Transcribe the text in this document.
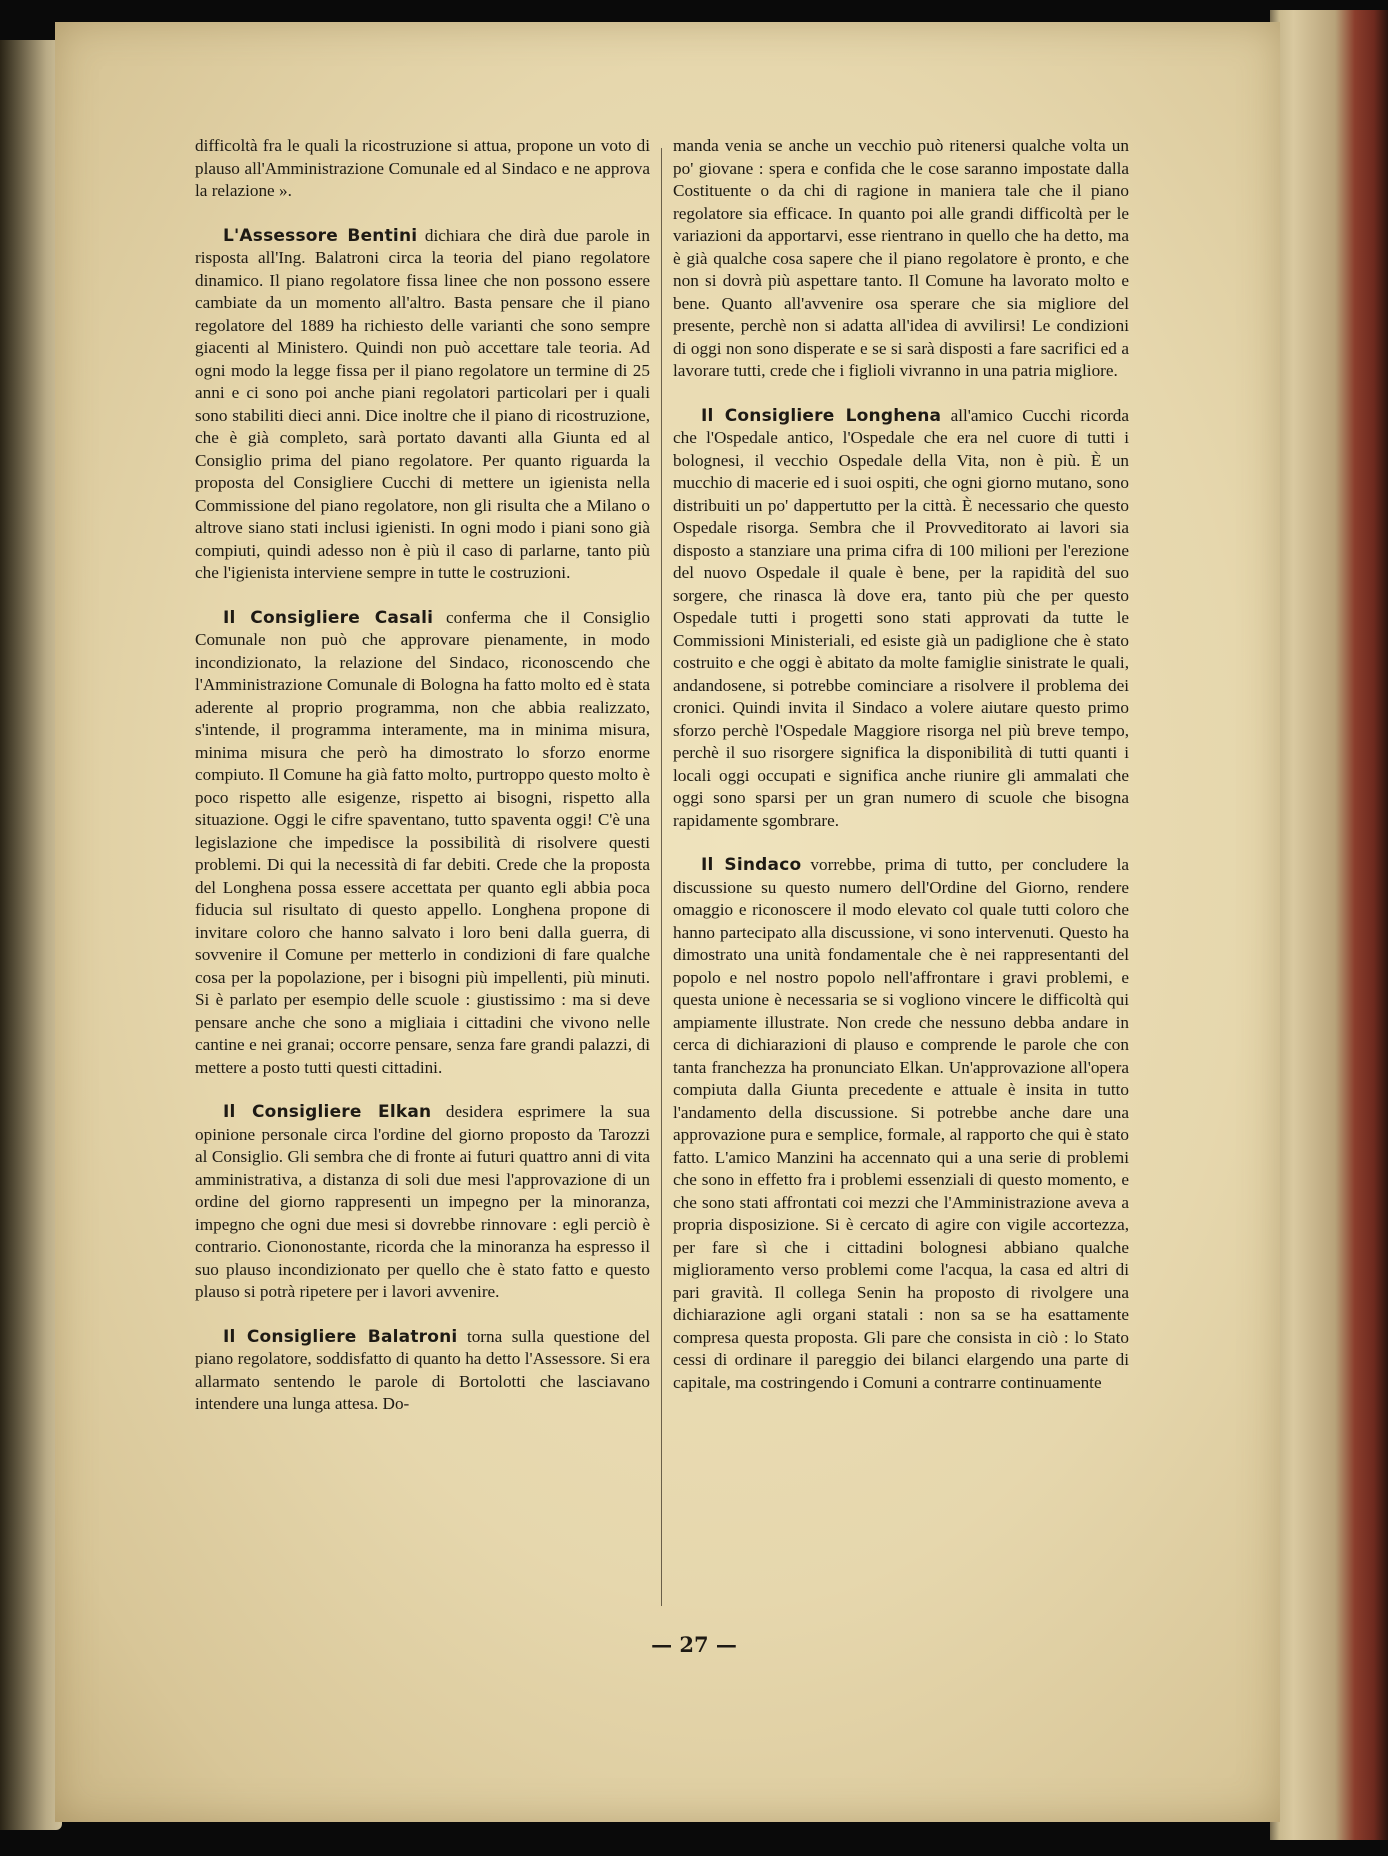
difficoltà fra le quali la ricostruzione si attua, propone un voto di plauso all'Amministrazione Comunale ed al Sindaco e ne approva la relazione ».

L'Assessore Bentini dichiara che dirà due parole in risposta all'Ing. Balatroni circa la teoria del piano regolatore dinamico. Il piano regolatore fissa linee che non possono essere cambiate da un momento all'altro. Basta pensare che il piano regolatore del 1889 ha richiesto delle varianti che sono sempre giacenti al Ministero. Quindi non può accettare tale teoria. Ad ogni modo la legge fissa per il piano regolatore un termine di 25 anni e ci sono poi anche piani regolatori particolari per i quali sono stabiliti dieci anni. Dice inoltre che il piano di ricostruzione, che è già completo, sarà portato davanti alla Giunta ed al Consiglio prima del piano regolatore. Per quanto riguarda la proposta del Consigliere Cucchi di mettere un igienista nella Commissione del piano regolatore, non gli risulta che a Milano o altrove siano stati inclusi igienisti. In ogni modo i piani sono già compiuti, quindi adesso non è più il caso di parlarne, tanto più che l'igienista interviene sempre in tutte le costruzioni.

Il Consigliere Casali conferma che il Consiglio Comunale non può che approvare pienamente, in modo incondizionato, la relazione del Sindaco, riconoscendo che l'Amministrazione Comunale di Bologna ha fatto molto ed è stata aderente al proprio programma, non che abbia realizzato, s'intende, il programma interamente, ma in minima misura, minima misura che però ha dimostrato lo sforzo enorme compiuto. Il Comune ha già fatto molto, purtroppo questo molto è poco rispetto alle esigenze, rispetto ai bisogni, rispetto alla situazione. Oggi le cifre spaventano, tutto spaventa oggi! C'è una legislazione che impedisce la possibilità di risolvere questi problemi. Di qui la necessità di far debiti. Crede che la proposta del Longhena possa essere accettata per quanto egli abbia poca fiducia sul risultato di questo appello. Longhena propone di invitare coloro che hanno salvato i loro beni dalla guerra, di sovvenire il Comune per metterlo in condizioni di fare qualche cosa per la popolazione, per i bisogni più impellenti, più minuti. Si è parlato per esempio delle scuole : giustissimo : ma si deve pensare anche che sono a migliaia i cittadini che vivono nelle cantine e nei granai; occorre pensare, senza fare grandi palazzi, di mettere a posto tutti questi cittadini.

Il Consigliere Elkan desidera esprimere la sua opinione personale circa l'ordine del giorno proposto da Tarozzi al Consiglio. Gli sembra che di fronte ai futuri quattro anni di vita amministrativa, a distanza di soli due mesi l'approvazione di un ordine del giorno rappresenti un impegno per la minoranza, impegno che ogni due mesi si dovrebbe rinnovare : egli perciò è contrario. Ciononostante, ricorda che la minoranza ha espresso il suo plauso incondizionato per quello che è stato fatto e questo plauso si potrà ripetere per i lavori avvenire.

Il Consigliere Balatroni torna sulla questione del piano regolatore, soddisfatto di quanto ha detto l'Assessore. Si era allarmato sentendo le parole di Bortolotti che lasciavano intendere una lunga attesa. Do-

manda venia se anche un vecchio può ritenersi qualche volta un po' giovane : spera e confida che le cose saranno impostate dalla Costituente o da chi di ragione in maniera tale che il piano regolatore sia efficace. In quanto poi alle grandi difficoltà per le variazioni da apportarvi, esse rientrano in quello che ha detto, ma è già qualche cosa sapere che il piano regolatore è pronto, e che non si dovrà più aspettare tanto. Il Comune ha lavorato molto e bene. Quanto all'avvenire osa sperare che sia migliore del presente, perchè non si adatta all'idea di avvilirsi! Le condizioni di oggi non sono disperate e se si sarà disposti a fare sacrifici ed a lavorare tutti, crede che i figlioli vivranno in una patria migliore.

Il Consigliere Longhena all'amico Cucchi ricorda che l'Ospedale antico, l'Ospedale che era nel cuore di tutti i bolognesi, il vecchio Ospedale della Vita, non è più. È un mucchio di macerie ed i suoi ospiti, che ogni giorno mutano, sono distribuiti un po' dappertutto per la città. È necessario che questo Ospedale risorga. Sembra che il Provveditorato ai lavori sia disposto a stanziare una prima cifra di 100 milioni per l'erezione del nuovo Ospedale il quale è bene, per la rapidità del suo sorgere, che rinasca là dove era, tanto più che per questo Ospedale tutti i progetti sono stati approvati da tutte le Commissioni Ministeriali, ed esiste già un padiglione che è stato costruito e che oggi è abitato da molte famiglie sinistrate le quali, andandosene, si potrebbe cominciare a risolvere il problema dei cronici. Quindi invita il Sindaco a volere aiutare questo primo sforzo perchè l'Ospedale Maggiore risorga nel più breve tempo, perchè il suo risorgere significa la disponibilità di tutti quanti i locali oggi occupati e significa anche riunire gli ammalati che oggi sono sparsi per un gran numero di scuole che bisogna rapidamente sgombrare.

Il Sindaco vorrebbe, prima di tutto, per concludere la discussione su questo numero dell'Ordine del Giorno, rendere omaggio e riconoscere il modo elevato col quale tutti coloro che hanno partecipato alla discussione, vi sono intervenuti. Questo ha dimostrato una unità fondamentale che è nei rappresentanti del popolo e nel nostro popolo nell'affrontare i gravi problemi, e questa unione è necessaria se si vogliono vincere le difficoltà qui ampiamente illustrate. Non crede che nessuno debba andare in cerca di dichiarazioni di plauso e comprende le parole che con tanta franchezza ha pronunciato Elkan. Un'approvazione all'opera compiuta dalla Giunta precedente e attuale è insita in tutto l'andamento della discussione. Si potrebbe anche dare una approvazione pura e semplice, formale, al rapporto che qui è stato fatto. L'amico Manzini ha accennato qui a una serie di problemi che sono in effetto fra i problemi essenziali di questo momento, e che sono stati affrontati coi mezzi che l'Amministrazione aveva a propria disposizione. Si è cercato di agire con vigile accortezza, per fare sì che i cittadini bolognesi abbiano qualche miglioramento verso problemi come l'acqua, la casa ed altri di pari gravità. Il collega Senin ha proposto di rivolgere una dichiarazione agli organi statali : non sa se ha esattamente compresa questa proposta. Gli pare che consista in ciò : lo Stato cessi di ordinare il pareggio dei bilanci elargendo una parte di capitale, ma costringendo i Comuni a contrarre continuamente

— 27 —
